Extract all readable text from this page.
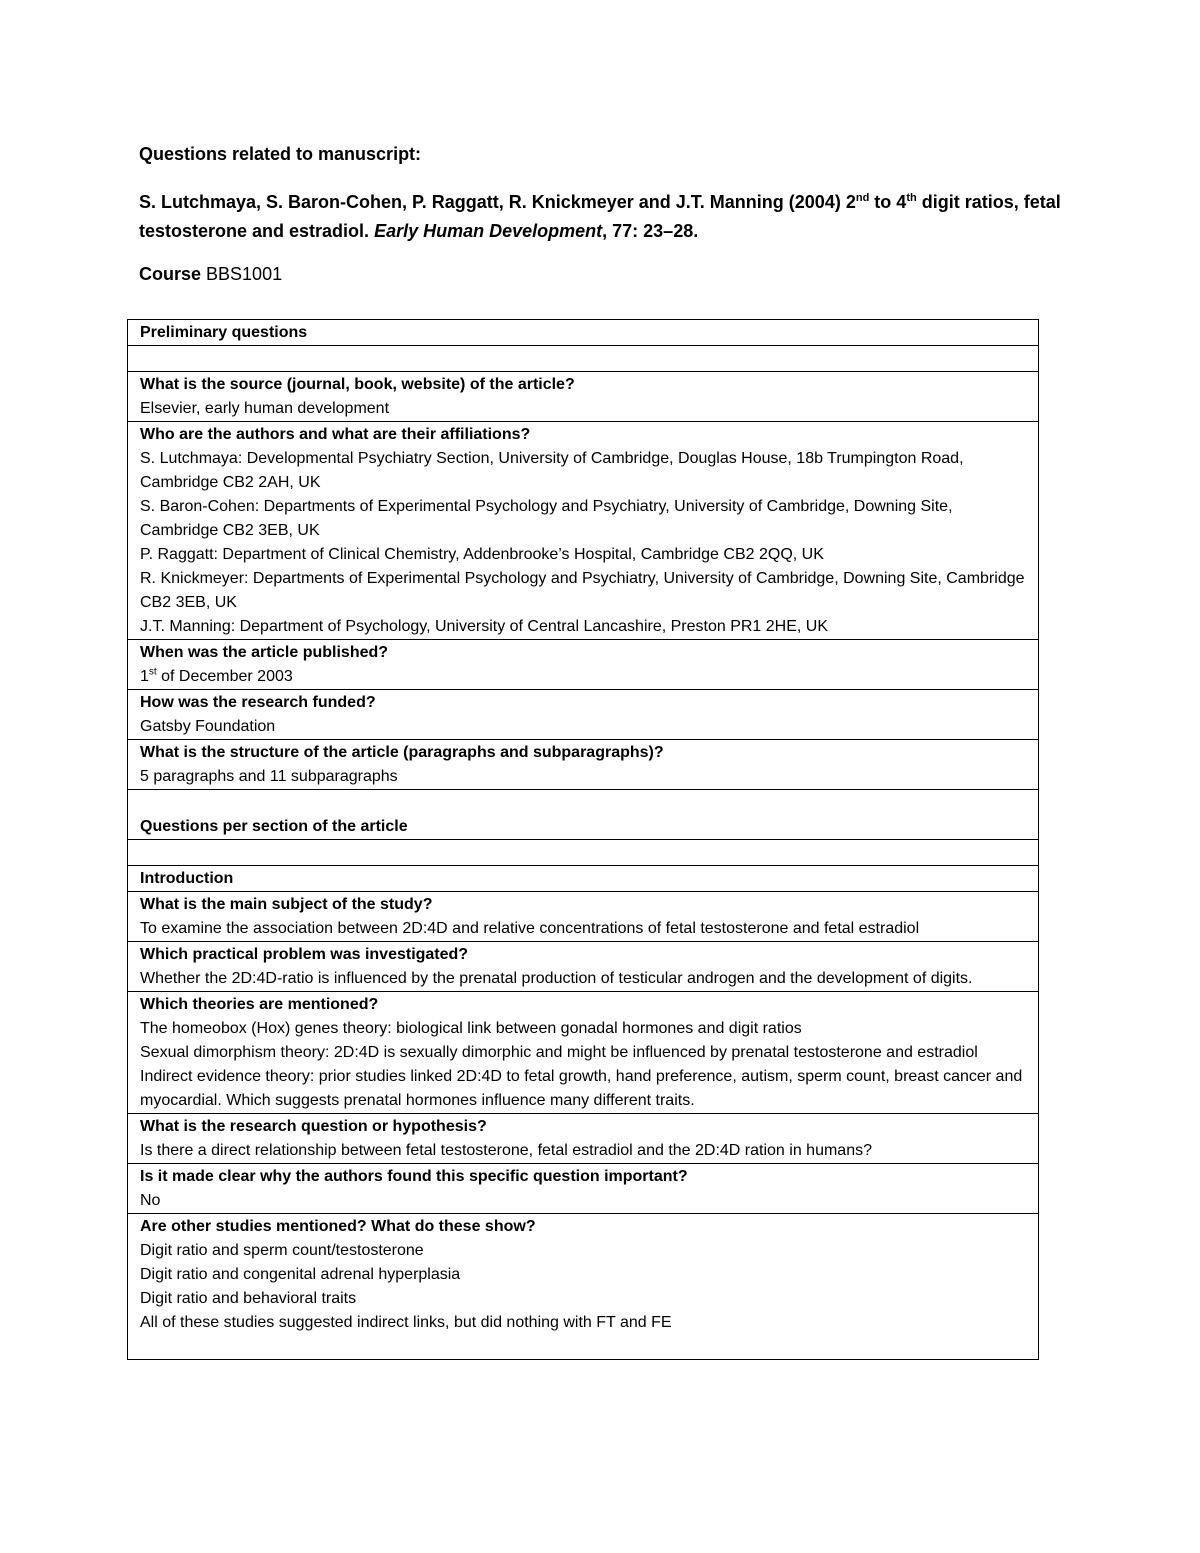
Questions related to manuscript:

S. Lutchmaya, S. Baron-Cohen, P. Raggatt, R. Knickmeyer and J.T. Manning (2004) 2nd to 4th digit ratios, fetal testosterone and estradiol. Early Human Development, 77: 23–28.

Course BBS1001

Preliminary questions

What is the source (journal, book, website) of the article?
Elsevier, early human development

Who are the authors and what are their affiliations?
S. Lutchmaya: Developmental Psychiatry Section, University of Cambridge, Douglas House, 18b Trumpington Road, Cambridge CB2 2AH, UK
S. Baron-Cohen: Departments of Experimental Psychology and Psychiatry, University of Cambridge, Downing Site, Cambridge CB2 3EB, UK
P. Raggatt: Department of Clinical Chemistry, Addenbrooke’s Hospital, Cambridge CB2 2QQ, UK
R. Knickmeyer: Departments of Experimental Psychology and Psychiatry, University of Cambridge, Downing Site, Cambridge CB2 3EB, UK
J.T. Manning: Department of Psychology, University of Central Lancashire, Preston PR1 2HE, UK

When was the article published?
1st of December 2003

How was the research funded?
Gatsby Foundation

What is the structure of the article (paragraphs and subparagraphs)?
5 paragraphs and 11 subparagraphs

Questions per section of the article

Introduction

What is the main subject of the study?
To examine the association between 2D:4D and relative concentrations of fetal testosterone and fetal estradiol

Which practical problem was investigated?
Whether the 2D:4D-ratio is influenced by the prenatal production of testicular androgen and the development of digits.

Which theories are mentioned?
The homeobox (Hox) genes theory: biological link between gonadal hormones and digit ratios
Sexual dimorphism theory: 2D:4D is sexually dimorphic and might be influenced by prenatal testosterone and estradiol
Indirect evidence theory: prior studies linked 2D:4D to fetal growth, hand preference, autism, sperm count, breast cancer and myocardial. Which suggests prenatal hormones influence many different traits.

What is the research question or hypothesis?
Is there a direct relationship between fetal testosterone, fetal estradiol and the 2D:4D ration in humans?

Is it made clear why the authors found this specific question important?
No

Are other studies mentioned? What do these show?
Digit ratio and sperm count/testosterone
Digit ratio and congenital adrenal hyperplasia
Digit ratio and behavioral traits
All of these studies suggested indirect links, but did nothing with FT and FE
